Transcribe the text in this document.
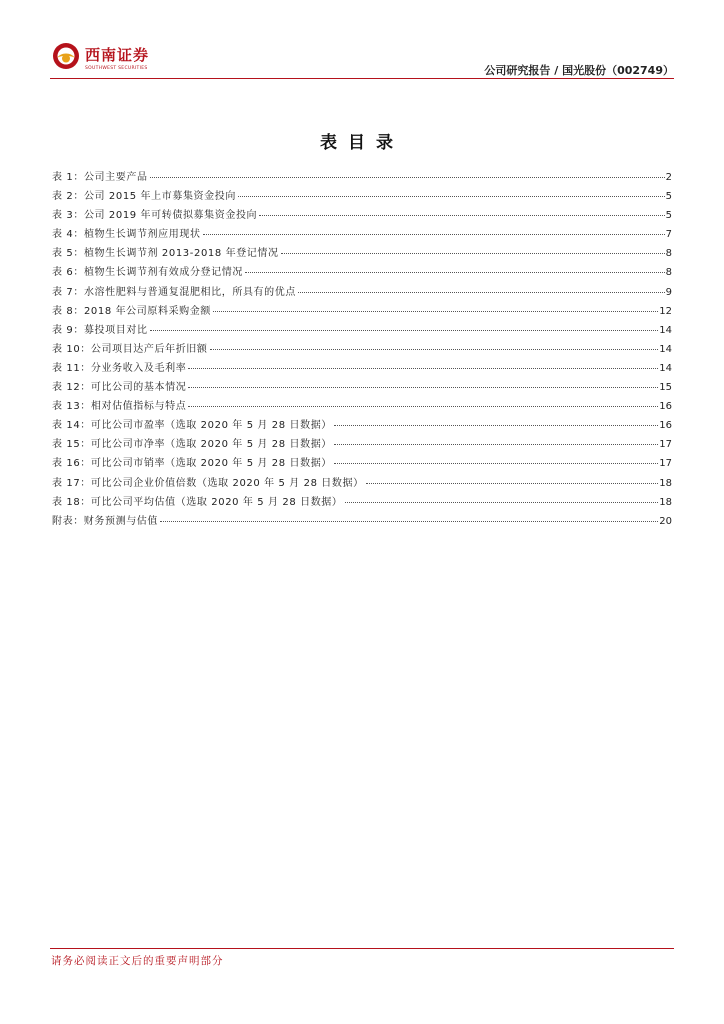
西南证券
SOUTHWEST SECURITIES	公司研究报告 / 国光股份（002749）
表目录
表 1：公司主要产品	2
表 2：公司 2015 年上市募集资金投向	5
表 3：公司 2019 年可转债拟募集资金投向	5
表 4：植物生长调节剂应用现状	7
表 5：植物生长调节剂 2013-2018 年登记情况	8
表 6：植物生长调节剂有效成分登记情况	8
表 7：水溶性肥料与普通复混肥相比，所具有的优点	9
表 8：2018 年公司原料采购金额	12
表 9：募投项目对比	14
表 10：公司项目达产后年折旧额	14
表 11：分业务收入及毛利率	14
表 12：可比公司的基本情况	15
表 13：相对估值指标与特点	16
表 14：可比公司市盈率（选取 2020 年 5 月 28 日数据）	16
表 15：可比公司市净率（选取 2020 年 5 月 28 日数据）	17
表 16：可比公司市销率（选取 2020 年 5 月 28 日数据）	17
表 17：可比公司企业价值倍数（选取 2020 年 5 月 28 日数据）	18
表 18：可比公司平均估值（选取 2020 年 5 月 28 日数据）	18
附表：财务预测与估值	20
请务必阅读正文后的重要声明部分
